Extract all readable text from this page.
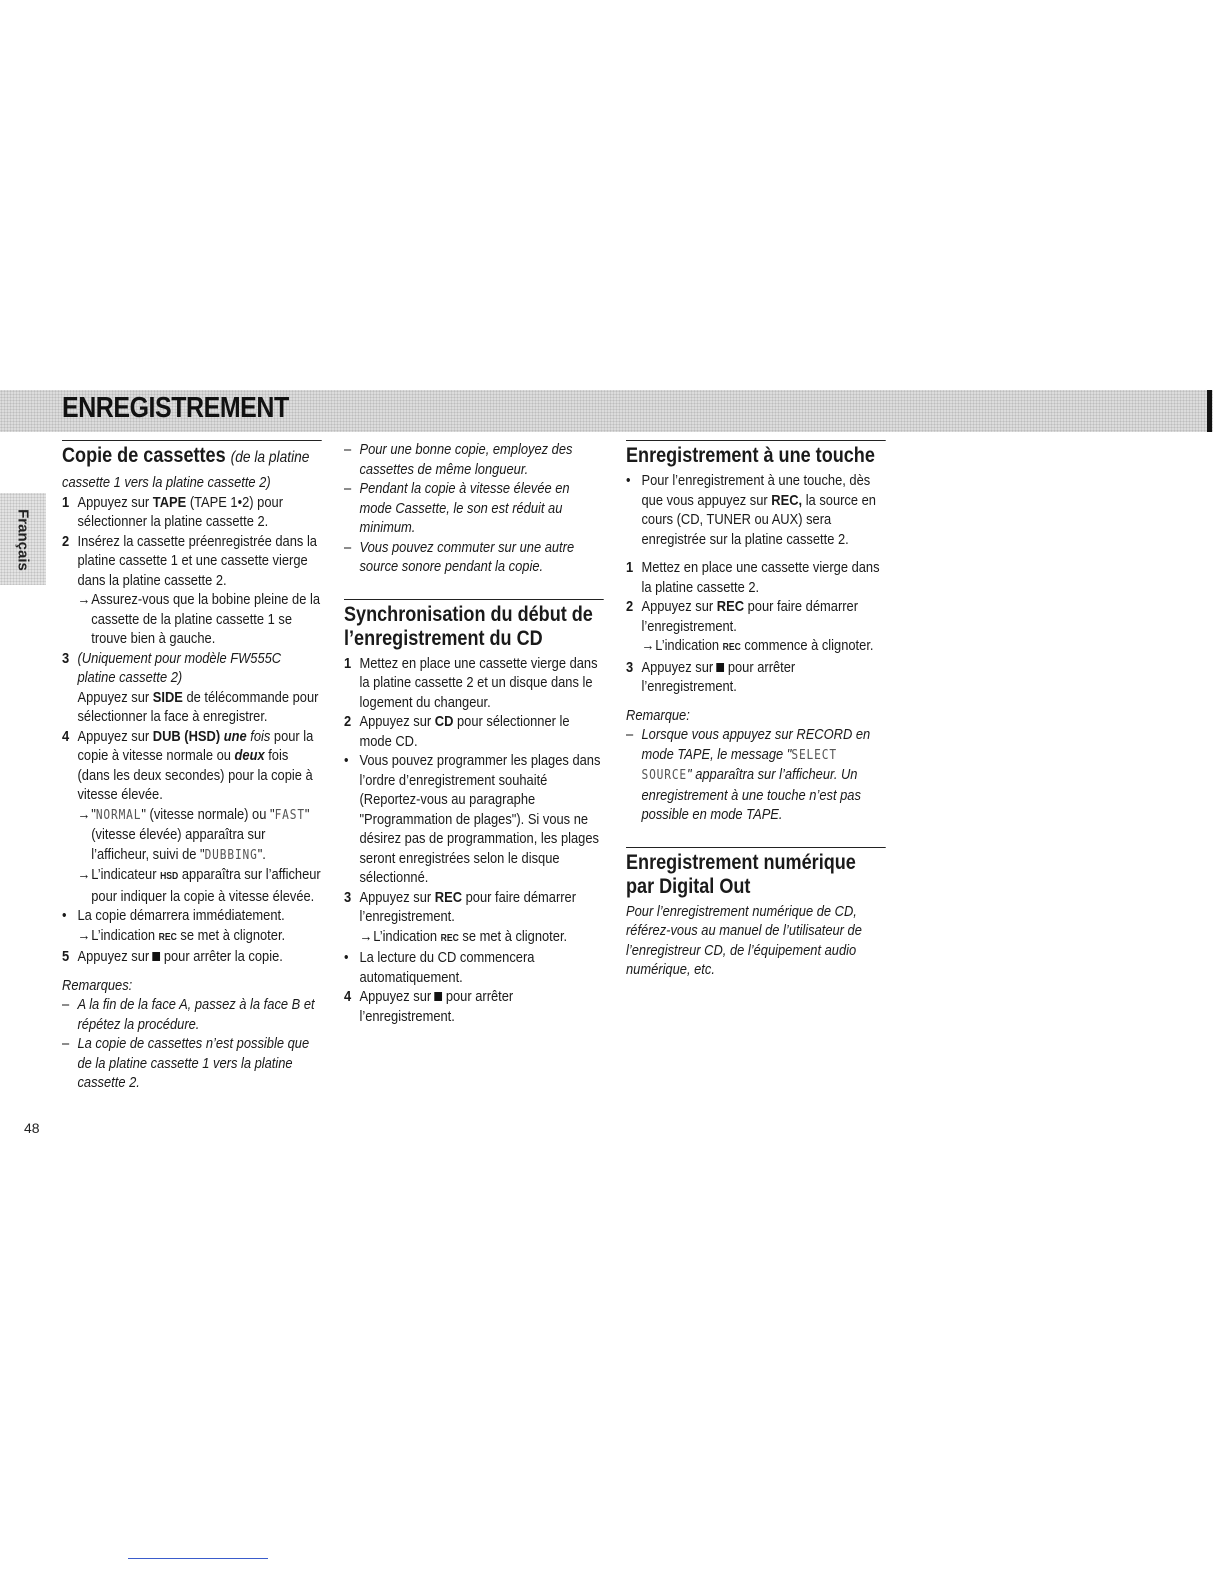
ENREGISTREMENT
Français
48
Copie de cassettes (de la platine
cassette 1 vers la platine cassette 2)
1 Appuyez sur TAPE (TAPE 1•2) pour sélectionner la platine cassette 2.
2 Insérez la cassette préenregistrée dans la platine cassette 1 et une cassette vierge dans la platine cassette 2.
→ Assurez-vous que la bobine pleine de la cassette de la platine cassette 1 se trouve bien à gauche.
3 (Uniquement pour modèle FW555C platine cassette 2)
Appuyez sur SIDE de télécommande pour sélectionner la face à enregistrer.
4 Appuyez sur DUB (HSD) une fois pour la copie à vitesse normale ou deux fois (dans les deux secondes) pour la copie à vitesse élevée.
→ "NORMAL" (vitesse normale) ou "FAST" (vitesse élevée) apparaîtra sur l’afficheur, suivi de "DUBBING".
→ L’indicateur HSD apparaîtra sur l’afficheur pour indiquer la copie à vitesse élevée.
• La copie démarrera immédiatement.
→ L’indication REC se met à clignoter.
5 Appuyez sur pour arrêter la copie.
Remarques:
– A la fin de la face A, passez à la face B et répétez la procédure.
– La copie de cassettes n’est possible que de la platine cassette 1 vers la platine cassette 2.
– Pour une bonne copie, employez des cassettes de même longueur.
– Pendant la copie à vitesse élevée en mode Cassette, le son est réduit au minimum.
– Vous pouvez commuter sur une autre source sonore pendant la copie.
Synchronisation du début de l’enregistrement du CD
1 Mettez en place une cassette vierge dans la platine cassette 2 et un disque dans le logement du changeur.
2 Appuyez sur CD pour sélectionner le mode CD.
• Vous pouvez programmer les plages dans l’ordre d’enregistrement souhaité (Reportez-vous au paragraphe "Programmation de plages"). Si vous ne désirez pas de programmation, les plages seront enregistrées selon le disque sélectionné.
3 Appuyez sur REC pour faire démarrer l’enregistrement.
→ L’indication REC se met à clignoter.
• La lecture du CD commencera automatiquement.
4 Appuyez sur pour arrêter l’enregistrement.
Enregistrement à une touche
• Pour l’enregistrement à une touche, dès que vous appuyez sur REC, la source en cours (CD, TUNER ou AUX) sera enregistrée sur la platine cassette 2.
1 Mettez en place une cassette vierge dans la platine cassette 2.
2 Appuyez sur REC pour faire démarrer l’enregistrement.
→ L’indication REC commence à clignoter.
3 Appuyez sur pour arrêter l’enregistrement.
Remarque:
– Lorsque vous appuyez sur RECORD en mode TAPE, le message "SELECT SOURCE" apparaîtra sur l’afficheur. Un enregistrement à une touche n’est pas possible en mode TAPE.
Enregistrement numérique par Digital Out
Pour l’enregistrement numérique de CD, référez-vous au manuel de l’utilisateur de l’enregistreur CD, de l’équipement audio numérique, etc.
